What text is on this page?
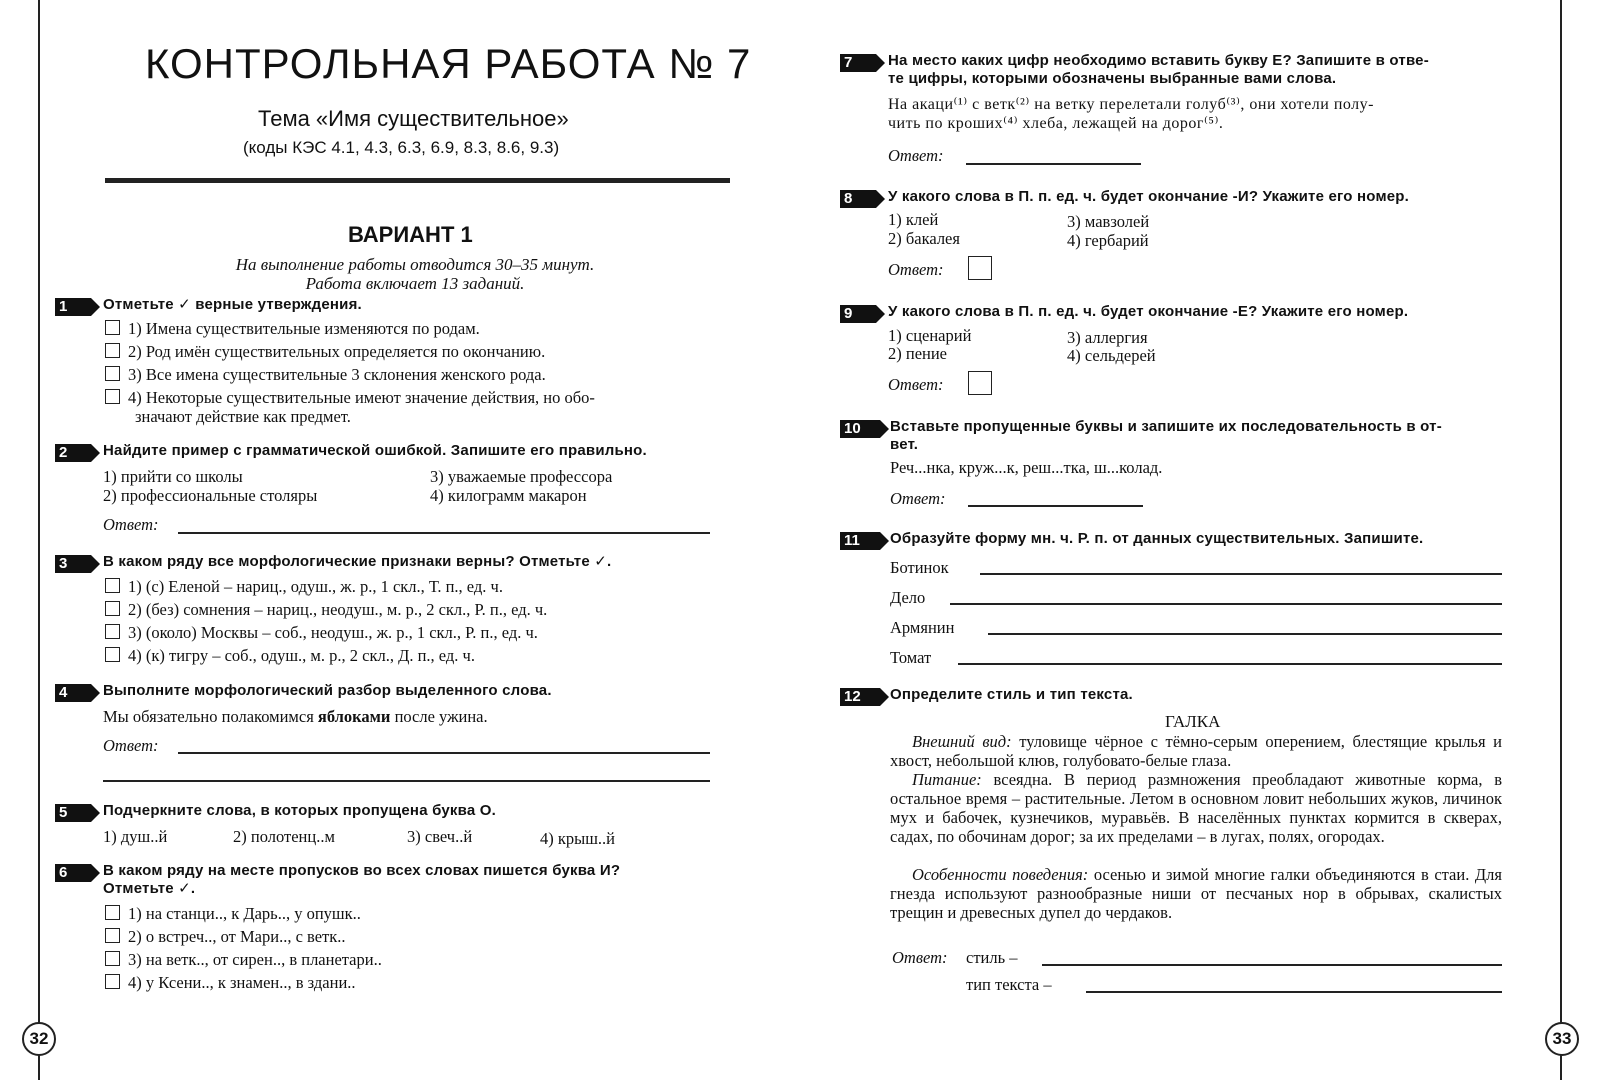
КОНТРОЛЬНАЯ РАБОТА № 7
Тема «Имя существительное»
(коды КЭС 4.1, 4.3, 6.3, 6.9, 8.3, 8.6, 9.3)
ВАРИАНТ 1
На выполнение работы отводится 30–35 минут.
Работа включает 13 заданий.
1	Отметьте ✓ верные утверждения.
1) Имена существительные изменяются по родам.
2) Род имён существительных определяется по окончанию.
3) Все имена существительные 3 склонения женского рода.
4) Некоторые существительные имеют значение действия, но обо-
значают действие как предмет.
2	Найдите пример с грамматической ошибкой. Запишите его правильно.
1) прийти со школы	3) уважаемые профессора
2) профессиональные столяры	4) килограмм макарон
Ответ:
3	В каком ряду все морфологические признаки верны? Отметьте ✓.
1) (с) Еленой – нариц., одуш., ж. р., 1 скл., Т. п., ед. ч.
2) (без) сомнения – нариц., неодуш., м. р., 2 скл., Р. п., ед. ч.
3) (около) Москвы – соб., неодуш., ж. р., 1 скл., Р. п., ед. ч.
4) (к) тигру – соб., одуш., м. р., 2 скл., Д. п., ед. ч.
4	Выполните морфологический разбор выделенного слова.
Мы обязательно полакомимся яблоками после ужина.
Ответ:
5	Подчеркните слова, в которых пропущена буква О.
1) душ..й	2) полотенц..м	3) свеч..й	4) крыш..й
6	В каком ряду на месте пропусков во всех словах пишется буква И?
Отметьте ✓.
1) на станци.., к Дарь.., у опушк..
2) о встреч.., от Мари.., с ветк..
3) на ветк.., от сирен.., в планетари..
4) у Ксени.., к знамен.., в здани..
32
7	На место каких цифр необходимо вставить букву Е? Запишите в отве-
те цифры, которыми обозначены выбранные вами слова.
На акаци⁽¹⁾ с ветк⁽²⁾ на ветку перелетали голуб⁽³⁾, они хотели полу-
чить по кроших⁽⁴⁾ хлеба, лежащей на дорог⁽⁵⁾.
Ответ:
8	У какого слова в П. п. ед. ч. будет окончание -И? Укажите его номер.
1) клей	3) мавзолей
2) бакалея	4) гербарий
Ответ:
9	У какого слова в П. п. ед. ч. будет окончание -Е? Укажите его номер.
1) сценарий	3) аллергия
2) пение	4) сельдерей
Ответ:
10	Вставьте пропущенные буквы и запишите их последовательность в от-
вет.
Реч...нка, круж...к, реш...тка, ш...колад.
Ответ:
11	Образуйте форму мн. ч. Р. п. от данных существительных. Запишите.
Ботинок
Дело
Армянин
Томат
12	Определите стиль и тип текста.
ГАЛКА
Внешний вид: туловище чёрное с тёмно-серым оперением, блестящие крылья и хвост, небольшой клюв, голубовато-белые глаза.
Питание: всеядна. В период размножения преобладают животные корма, в остальное время – растительные. Летом в основном ловит небольших жуков, личинок мух и бабочек, кузнечиков, муравьёв. В населённых пунктах кормится в скверах, садах, по обочинам дорог; за их пределами – в лугах, полях, огородах.
Особенности поведения: осенью и зимой многие галки объединяются в стаи. Для гнезда используют разнообразные ниши от песчаных нор в обрывах, скалистых трещин и древесных дупел до чердаков.
Ответ: стиль –
тип текста –
33
